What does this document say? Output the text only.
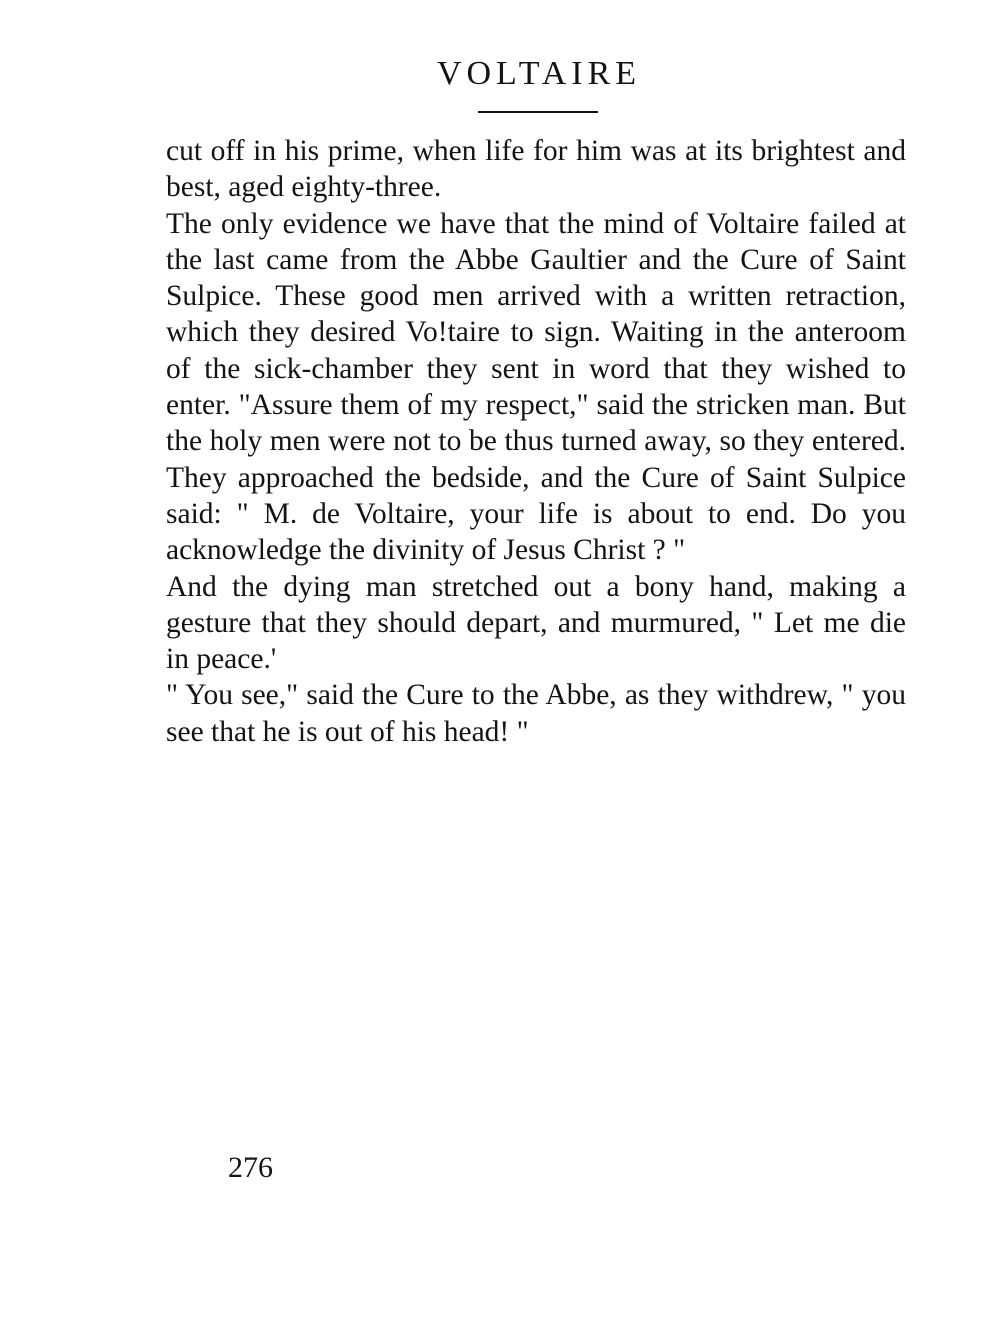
VOLTAIRE

cut off in his prime, when life for him was at its brightest and best, aged eighty-three.

The only evidence we have that the mind of Voltaire failed at the last came from the Abbe Gaultier and the Cure of Saint Sulpice. These good men arrived with a written retraction, which they desired Vo!taire to sign. Waiting in the anteroom of the sick-chamber they sent in word that they wished to enter. "Assure them of my respect," said the stricken man. But the holy men were not to be thus turned away, so they entered. They approached the bedside, and the Cure of Saint Sulpice said: " M. de Voltaire, your life is about to end. Do you acknowledge the divinity of Jesus Christ ? "

And the dying man stretched out a bony hand, making a gesture that they should depart, and murmured, " Let me die in peace.'

" You see," said the Cure to the Abbe, as they withdrew, " you see that he is out of his head! "

276
